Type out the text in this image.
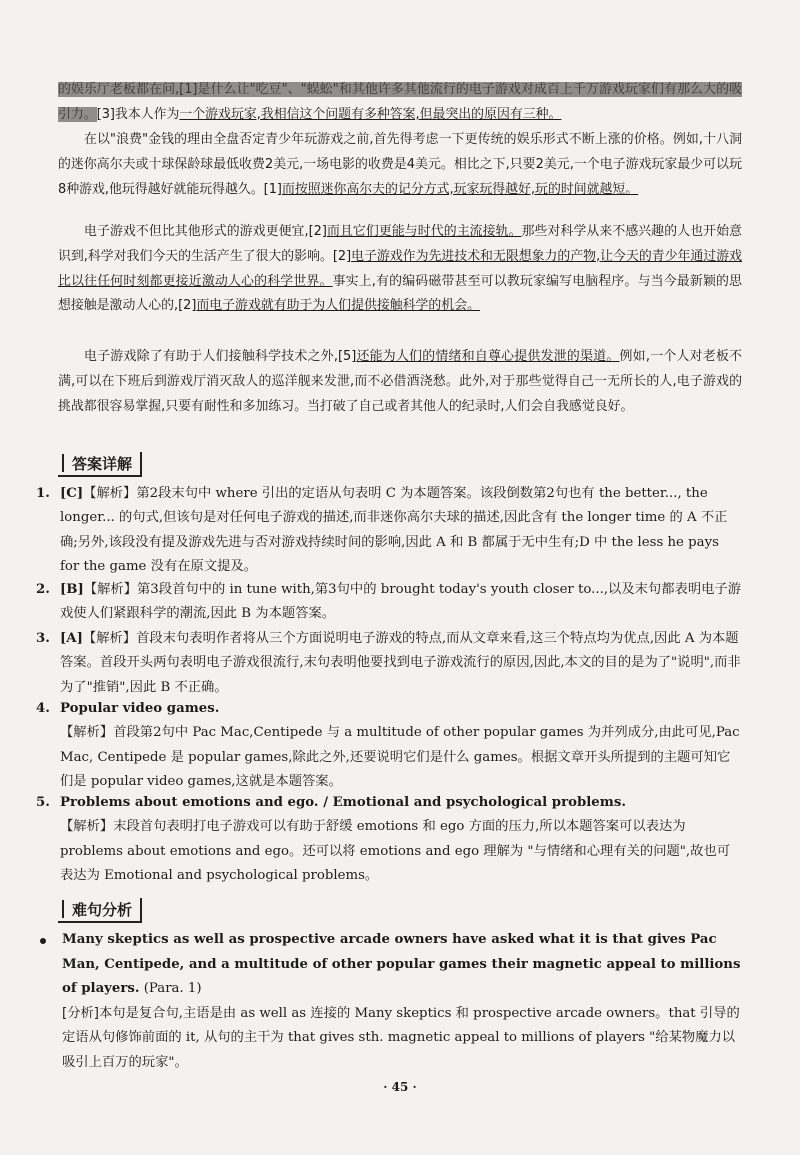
的娱乐厅老板都在问,[1]是什么让"吃豆"、"蜈蚣"和其他许多其他流行的电子游戏对成百上千万游戏玩家们有那么大的吸引力。[3]我本人作为一个游戏玩家,我相信这个问题有多种答案,但最突出的原因有三种。

在以"浪费"金钱的理由全盘否定青少年玩游戏之前,首先得考虑一下更传统的娱乐形式不断上涨的价格。例如,十八洞的迷你高尔夫或十球保龄球最低收费2美元,一场电影的收费是4美元。相比之下,只要2美元,一个电子游戏玩家最少可以玩8种游戏,他玩得越好就能玩得越久。[1]而按照迷你高尔夫的记分方式,玩家玩得越好,玩的时间就越短。

电子游戏不但比其他形式的游戏更便宜,[2]而且它们更能与时代的主流接轨。那些对科学从来不感兴趣的人也开始意识到,科学对我们今天的生活产生了很大的影响。[2]电子游戏作为先进技术和无限想象力的产物,让今天的青少年通过游戏比以往任何时刻都更接近激动人心的科学世界。事实上,有的编码磁带甚至可以教玩家编写电脑程序。与当今最新颖的思想接触是激动人心的,[2]而电子游戏就有助于为人们提供接触科学的机会。

电子游戏除了有助于人们接触科学技术之外,[5]还能为人们的情绪和自尊心提供发泄的渠道。例如,一个人对老板不满,可以在下班后到游戏厅消灭敌人的巡洋舰来发泄,而不必借酒浇愁。此外,对于那些觉得自己一无所长的人,电子游戏的挑战都很容易掌握,只要有耐性和多加练习。当打破了自己或者其他人的纪录时,人们会自我感觉良好。

答案详解
1. [C]【解析】第2段末句中 where 引出的定语从句表明 C 为本题答案。该段倒数第2句也有 the better..., the longer... 的句式,但该句是对任何电子游戏的描述,而非迷你高尔夫球的描述,因此含有 the longer time 的 A 不正确;另外,该段没有提及游戏先进与否对游戏持续时间的影响,因此 A 和 B 都属于无中生有;D 中 the less he pays for the game 没有在原文提及。
2. [B]【解析】第3段首句中的 in tune with,第3句中的 brought today's youth closer to...,以及末句都表明电子游戏使人们紧跟科学的潮流,因此 B 为本题答案。
3. [A]【解析】首段末句表明作者将从三个方面说明电子游戏的特点,而从文章来看,这三个特点均为优点,因此 A 为本题答案。首段开头两句表明电子游戏很流行,末句表明他要找到电子游戏流行的原因,因此,本文的目的是为了"说明",而非为了"推销",因此 B 不正确。
4. Popular video games.
【解析】首段第2句中 Pac Mac,Centipede 与 a multitude of other popular games 为并列成分,由此可见,Pac Mac, Centipede 是 popular games,除此之外,还要说明它们是什么 games。根据文章开头所提到的主题可知它们是 popular video games,这就是本题答案。
5. Problems about emotions and ego. / Emotional and psychological problems.
【解析】末段首句表明打电子游戏可以有助于舒缓 emotions 和 ego 方面的压力,所以本题答案可以表达为 problems about emotions and ego。还可以将 emotions and ego 理解为 "与情绪和心理有关的问题",故也可表达为 Emotional and psychological problems。
难句分析
Many skeptics as well as prospective arcade owners have asked what it is that gives Pac Man, Centipede, and a multitude of other popular games their magnetic appeal to millions of players. (Para. 1)
[分析]本句是复合句,主语是由 as well as 连接的 Many skeptics 和 prospective arcade owners。that 引导的定语从句修饰前面的 it, 从句的主干为 that gives sth. magnetic appeal to millions of players "给某物魔力以吸引上百万的玩家"。
· 45 ·
